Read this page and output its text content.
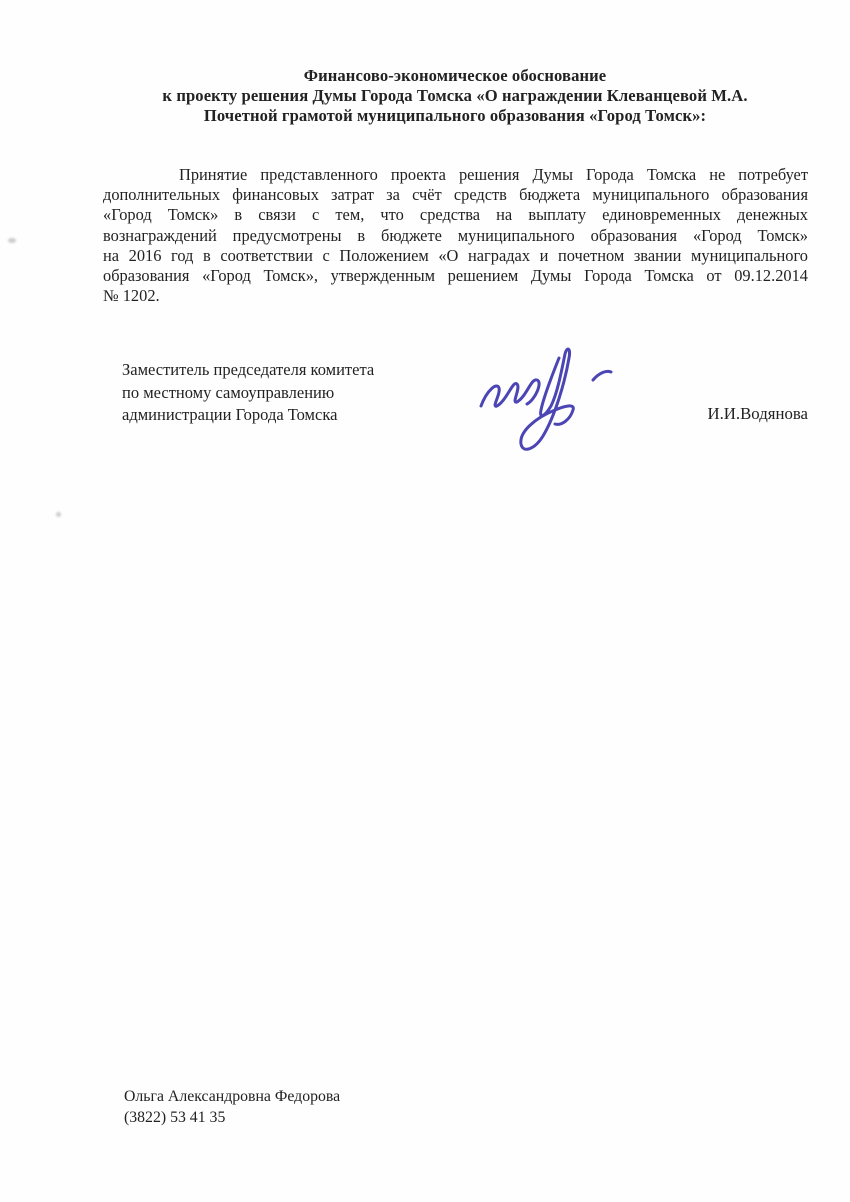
Финансово-экономическое обоснование
к проекту решения Думы Города Томска «О награждении Клеванцевой М.А.
Почетной грамотой муниципального образования «Город Томск»:
Принятие представленного проекта решения Думы Города Томска не потребует
дополнительных финансовых затрат за счёт средств бюджета муниципального образования
«Город Томск» в связи с тем, что средства на выплату единовременных денежных
вознаграждений предусмотрены в бюджете муниципального образования «Город Томск»
на 2016 год в соответствии с Положением «О наградах и почетном звании муниципального
образования «Город Томск», утвержденным решением Думы Города Томска от 09.12.2014
№ 1202.
Заместитель председателя комитета
по местному самоуправлению
администрации Города Томска	И.И.Водянова
Ольга Александровна Федорова
(3822) 53 41 35
